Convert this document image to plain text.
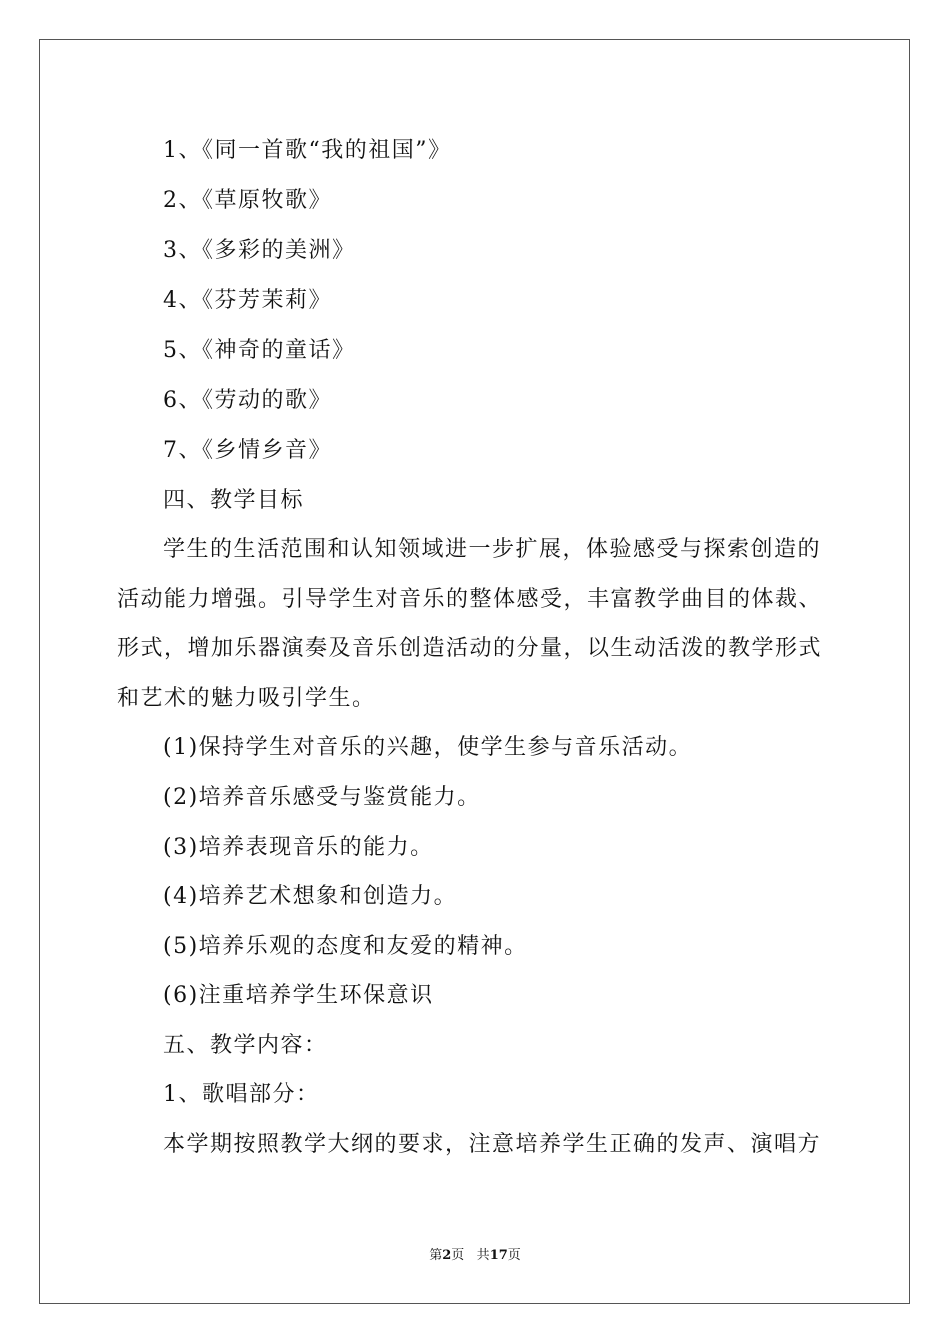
1、《同一首歌“我的祖国”》
2、《草原牧歌》
3、《多彩的美洲》
4、《芬芳茉莉》
5、《神奇的童话》
6、《劳动的歌》
7、《乡情乡音》
四、教学目标
学生的生活范围和认知领域进一步扩展，体验感受与探索创造的
活动能力增强。引导学生对音乐的整体感受，丰富教学曲目的体裁、
形式，增加乐器演奏及音乐创造活动的分量，以生动活泼的教学形式
和艺术的魅力吸引学生。
(1)保持学生对音乐的兴趣，使学生参与音乐活动。
(2)培养音乐感受与鉴赏能力。
(3)培养表现音乐的能力。
(4)培养艺术想象和创造力。
(5)培养乐观的态度和友爱的精神。
(6)注重培养学生环保意识
五、教学内容：
1、歌唱部分：
本学期按照教学大纲的要求，注意培养学生正确的发声、演唱方
第2页 共17页
